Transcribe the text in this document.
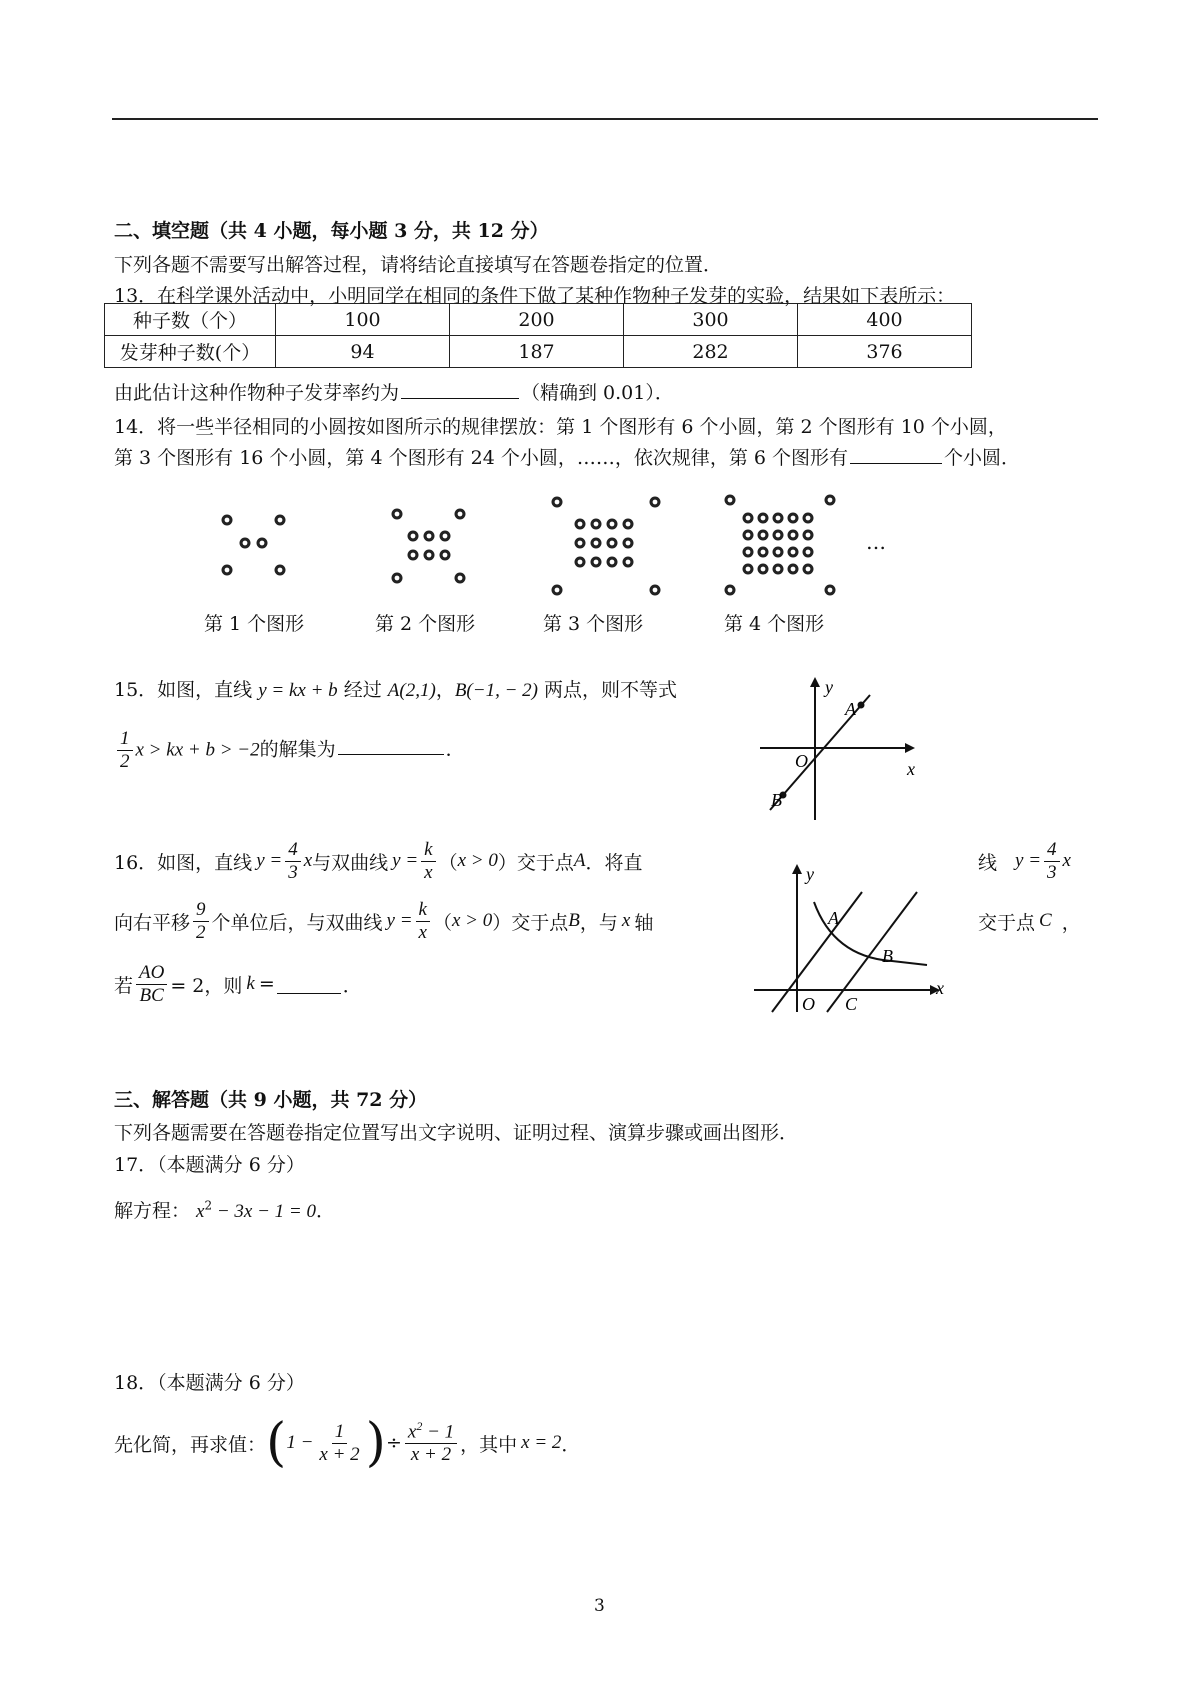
二、填空题（共 4 小题，每小题 3 分，共 12 分）
下列各题不需要写出解答过程，请将结论直接填写在答题卷指定的位置．
13．在科学课外活动中，小明同学在相同的条件下做了某种作物种子发芽的实验，结果如下表所示：
种子数（个）	100	200	300	400
发芽种子数(个）	94	187	282	376
由此估计这种作物种子发芽率约为	（精确到 0.01）．
14．将一些半径相同的小圆按如图所示的规律摆放：第 1 个图形有 6 个小圆，第 2 个图形有 10 个小圆，
第 3 个图形有 16 个小圆，第 4 个图形有 24 个小圆，……，依次规律，第 6 个图形有	个小圆．
…
第 1 个图形	第 2 个图形	第 3 个图形	第 4 个图形
15．如图，直线 y = kx + b 经过 A(2,1)，B(−1, − 2) 两点，则不等式
$\frac{1}{2}$ x > kx + b > −2的解集为	．
y
x
O
A
B
16．如图，直线 $y = \frac{4}{3}$ x 与双曲线 $y = \frac{k}{x}$ （ x > 0 ）交于点 A ．将直	线 $y = \frac{4}{3}$ x
向右平移 $\frac{9}{2}$ 个单位后，与双曲线 $y = \frac{k}{x}$ （ x > 0 ）交于点 B ，与 x 轴	交于点 C ，
若 $\frac{AO}{BC} = 2$，则 k =	．
y
x
O
A
B
C
三、解答题（共 9 小题，共 72 分）
下列各题需要在答题卷指定位置写出文字说明、证明过程、演算步骤或画出图形．
17．（本题满分 6 分）
解方程： $x^2 - 3x - 1 = 0$．
18．（本题满分 6 分）
先化简，再求值： ( $1 - \frac{1}{x + 2}$ ) ÷ $\frac{x^2 - 1}{x + 2}$ ，其中 x = 2 ．
3
